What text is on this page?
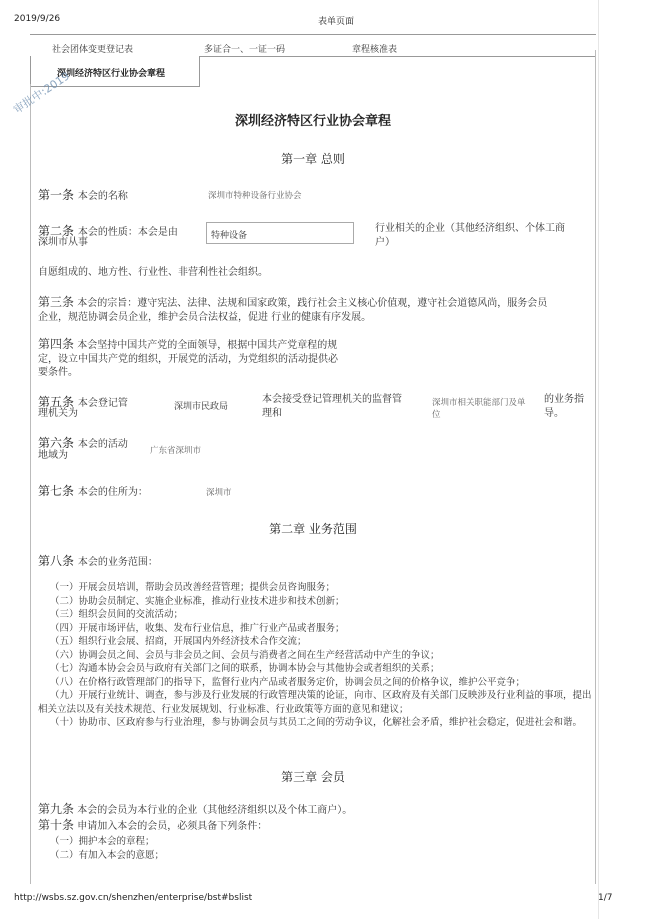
2019/9/26	表单页面
社会团体变更登记表	多证合一、一证一码	章程核准表
深圳经济特区行业协会章程
审批中:2019
深圳经济特区行业协会章程
第一章 总则
第一条 本会的名称	深圳市特种设备行业协会
第二条 本会的性质：本会是由
深圳市从事
特种设备
行业相关的企业（其他经济组织、个体工商
户）
自愿组成的、地方性、行业性、非营利性社会组织。
第三条 本会的宗旨：遵守宪法、法律、法规和国家政策，践行社会主义核心价值观，遵守社会道德风尚，服务会员
企业，规范协调会员企业，维护会员合法权益，促进 行业的健康有序发展。
第四条 本会坚持中国共产党的全面领导，根据中国共产党章程的规
定，设立中国共产党的组织，开展党的活动，为党组织的活动提供必
要条件。
第五条 本会登记管
理机关为
深圳市民政局
本会接受登记管理机关的监督管
理和
深圳市相关职能部门及单
位
的业务指
导。
第六条 本会的活动
地域为	广东省深圳市
第七条 本会的住所为：	深圳市
第二章 业务范围
第八条 本会的业务范围：
（一）开展会员培训，帮助会员改善经营管理；提供会员咨询服务；
（二）协助会员制定、实施企业标准，推动行业技术进步和技术创新；
（三）组织会员间的交流活动；
（四）开展市场评估，收集、发布行业信息，推广行业产品或者服务；
（五）组织行业会展、招商，开展国内外经济技术合作交流；
（六）协调会员之间、会员与非会员之间、会员与消费者之间在生产经营活动中产生的争议；
（七）沟通本协会会员与政府有关部门之间的联系，协调本协会与其他协会或者组织的关系；
（八）在价格行政管理部门的指导下，监督行业内产品或者服务定价，协调会员之间的价格争议，维护公平竞争；
（九）开展行业统计、调查，参与涉及行业发展的行政管理决策的论证，向市、区政府及有关部门反映涉及行业利益的事项，提出相关立法以及有关技术规范、行业发展规划、行业标准、行业政策等方面的意见和建议；
（十）协助市、区政府参与行业治理，参与协调会员与其员工之间的劳动争议，化解社会矛盾，维护社会稳定，促进社会和谐。
第三章 会员
第九条 本会的会员为本行业的企业（其他经济组织以及个体工商户）。
第十条 申请加入本会的会员，必须具备下列条件：
（一）拥护本会的章程；
（二）有加入本会的意愿；
http://wsbs.sz.gov.cn/shenzhen/enterprise/bst#bslist	1/7
